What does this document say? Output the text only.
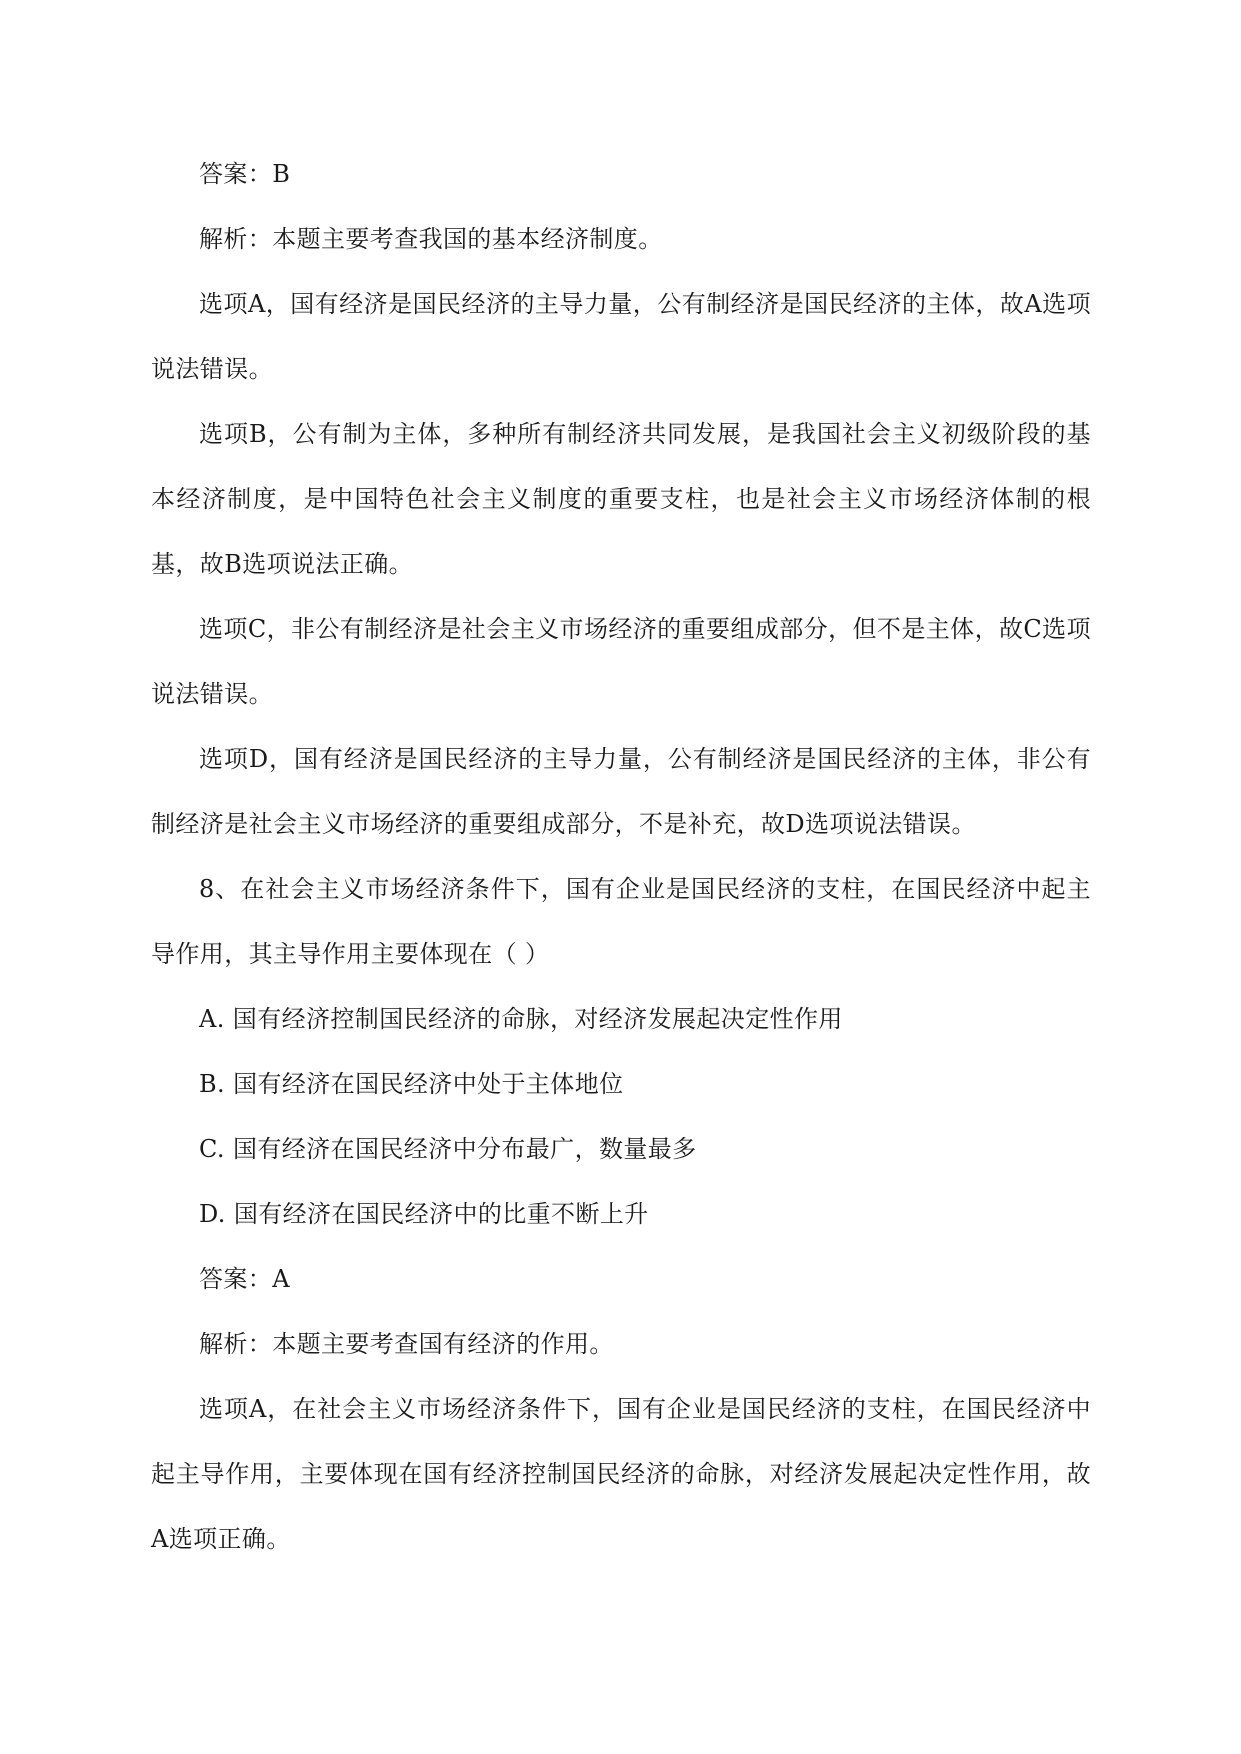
答案：B

解析：本题主要考查我国的基本经济制度。

选项A，国有经济是国民经济的主导力量，公有制经济是国民经济的主体，故A选项说法错误。

选项B，公有制为主体，多种所有制经济共同发展，是我国社会主义初级阶段的基本经济制度，是中国特色社会主义制度的重要支柱，也是社会主义市场经济体制的根基，故B选项说法正确。

选项C，非公有制经济是社会主义市场经济的重要组成部分，但不是主体，故C选项说法错误。

选项D，国有经济是国民经济的主导力量，公有制经济是国民经济的主体，非公有制经济是社会主义市场经济的重要组成部分，不是补充，故D选项说法错误。

8、在社会主义市场经济条件下，国有企业是国民经济的支柱，在国民经济中起主导作用，其主导作用主要体现在（ ）

A. 国有经济控制国民经济的命脉，对经济发展起决定性作用

B. 国有经济在国民经济中处于主体地位

C. 国有经济在国民经济中分布最广，数量最多

D. 国有经济在国民经济中的比重不断上升

答案：A

解析：本题主要考查国有经济的作用。

选项A，在社会主义市场经济条件下，国有企业是国民经济的支柱，在国民经济中起主导作用，主要体现在国有经济控制国民经济的命脉，对经济发展起决定性作用，故A选项正确。
